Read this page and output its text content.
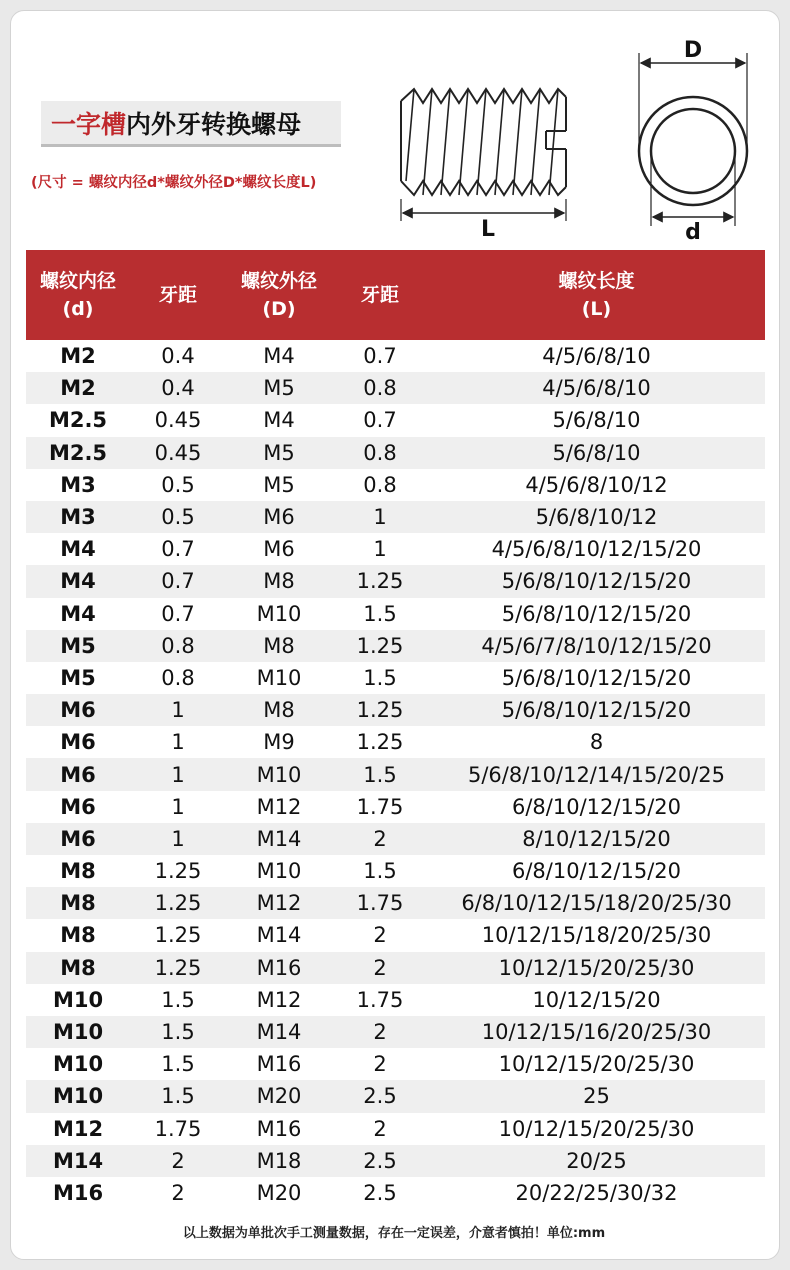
一字槽 内外牙转换螺母
(尺寸 = 螺纹内径d*螺纹外径D*螺纹长度L)
L
D
d
螺纹内径
(d)
牙距
螺纹外径
(D)
牙距
螺纹长度
(L)
M2	0.4	M4	0.7	4/5/6/8/10
M2	0.4	M5	0.8	4/5/6/8/10
M2.5	0.45	M4	0.7	5/6/8/10
M2.5	0.45	M5	0.8	5/6/8/10
M3	0.5	M5	0.8	4/5/6/8/10/12
M3	0.5	M6	1	5/6/8/10/12
M4	0.7	M6	1	4/5/6/8/10/12/15/20
M4	0.7	M8	1.25	5/6/8/10/12/15/20
M4	0.7	M10	1.5	5/6/8/10/12/15/20
M5	0.8	M8	1.25	4/5/6/7/8/10/12/15/20
M5	0.8	M10	1.5	5/6/8/10/12/15/20
M6	1	M8	1.25	5/6/8/10/12/15/20
M6	1	M9	1.25	8
M6	1	M10	1.5	5/6/8/10/12/14/15/20/25
M6	1	M12	1.75	6/8/10/12/15/20
M6	1	M14	2	8/10/12/15/20
M8	1.25	M10	1.5	6/8/10/12/15/20
M8	1.25	M12	1.75	6/8/10/12/15/18/20/25/30
M8	1.25	M14	2	10/12/15/18/20/25/30
M8	1.25	M16	2	10/12/15/20/25/30
M10	1.5	M12	1.75	10/12/15/20
M10	1.5	M14	2	10/12/15/16/20/25/30
M10	1.5	M16	2	10/12/15/20/25/30
M10	1.5	M20	2.5	25
M12	1.75	M16	2	10/12/15/20/25/30
M14	2	M18	2.5	20/25
M16	2	M20	2.5	20/22/25/30/32
以上数据为单批次手工测量数据，存在一定误差，介意者慎拍！单位:mm
